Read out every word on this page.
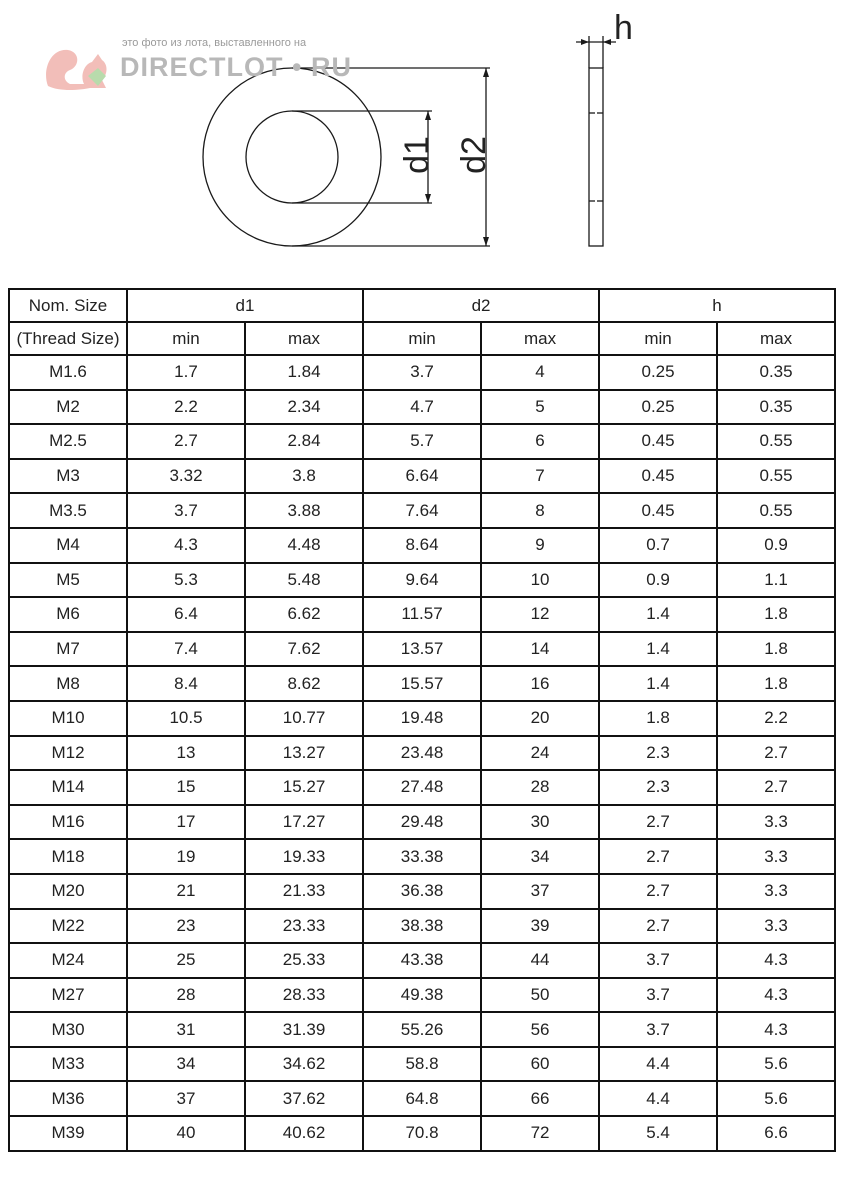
d1 d2
h
это фото из лота, выставленного на
DIRECTLOT • RU
Nom. Size	d1		d2		h	
(Thread Size)	min	max	min	max	min	max
M1.6	1.7	1.84	3.7	4	0.25	0.35
M2	2.2	2.34	4.7	5	0.25	0.35
M2.5	2.7	2.84	5.7	6	0.45	0.55
M3	3.32	3.8	6.64	7	0.45	0.55
M3.5	3.7	3.88	7.64	8	0.45	0.55
M4	4.3	4.48	8.64	9	0.7	0.9
M5	5.3	5.48	9.64	10	0.9	1.1
M6	6.4	6.62	11.57	12	1.4	1.8
M7	7.4	7.62	13.57	14	1.4	1.8
M8	8.4	8.62	15.57	16	1.4	1.8
M10	10.5	10.77	19.48	20	1.8	2.2
M12	13	13.27	23.48	24	2.3	2.7
M14	15	15.27	27.48	28	2.3	2.7
M16	17	17.27	29.48	30	2.7	3.3
M18	19	19.33	33.38	34	2.7	3.3
M20	21	21.33	36.38	37	2.7	3.3
M22	23	23.33	38.38	39	2.7	3.3
M24	25	25.33	43.38	44	3.7	4.3
M27	28	28.33	49.38	50	3.7	4.3
M30	31	31.39	55.26	56	3.7	4.3
M33	34	34.62	58.8	60	4.4	5.6
M36	37	37.62	64.8	66	4.4	5.6
M39	40	40.62	70.8	72	5.4	6.6
